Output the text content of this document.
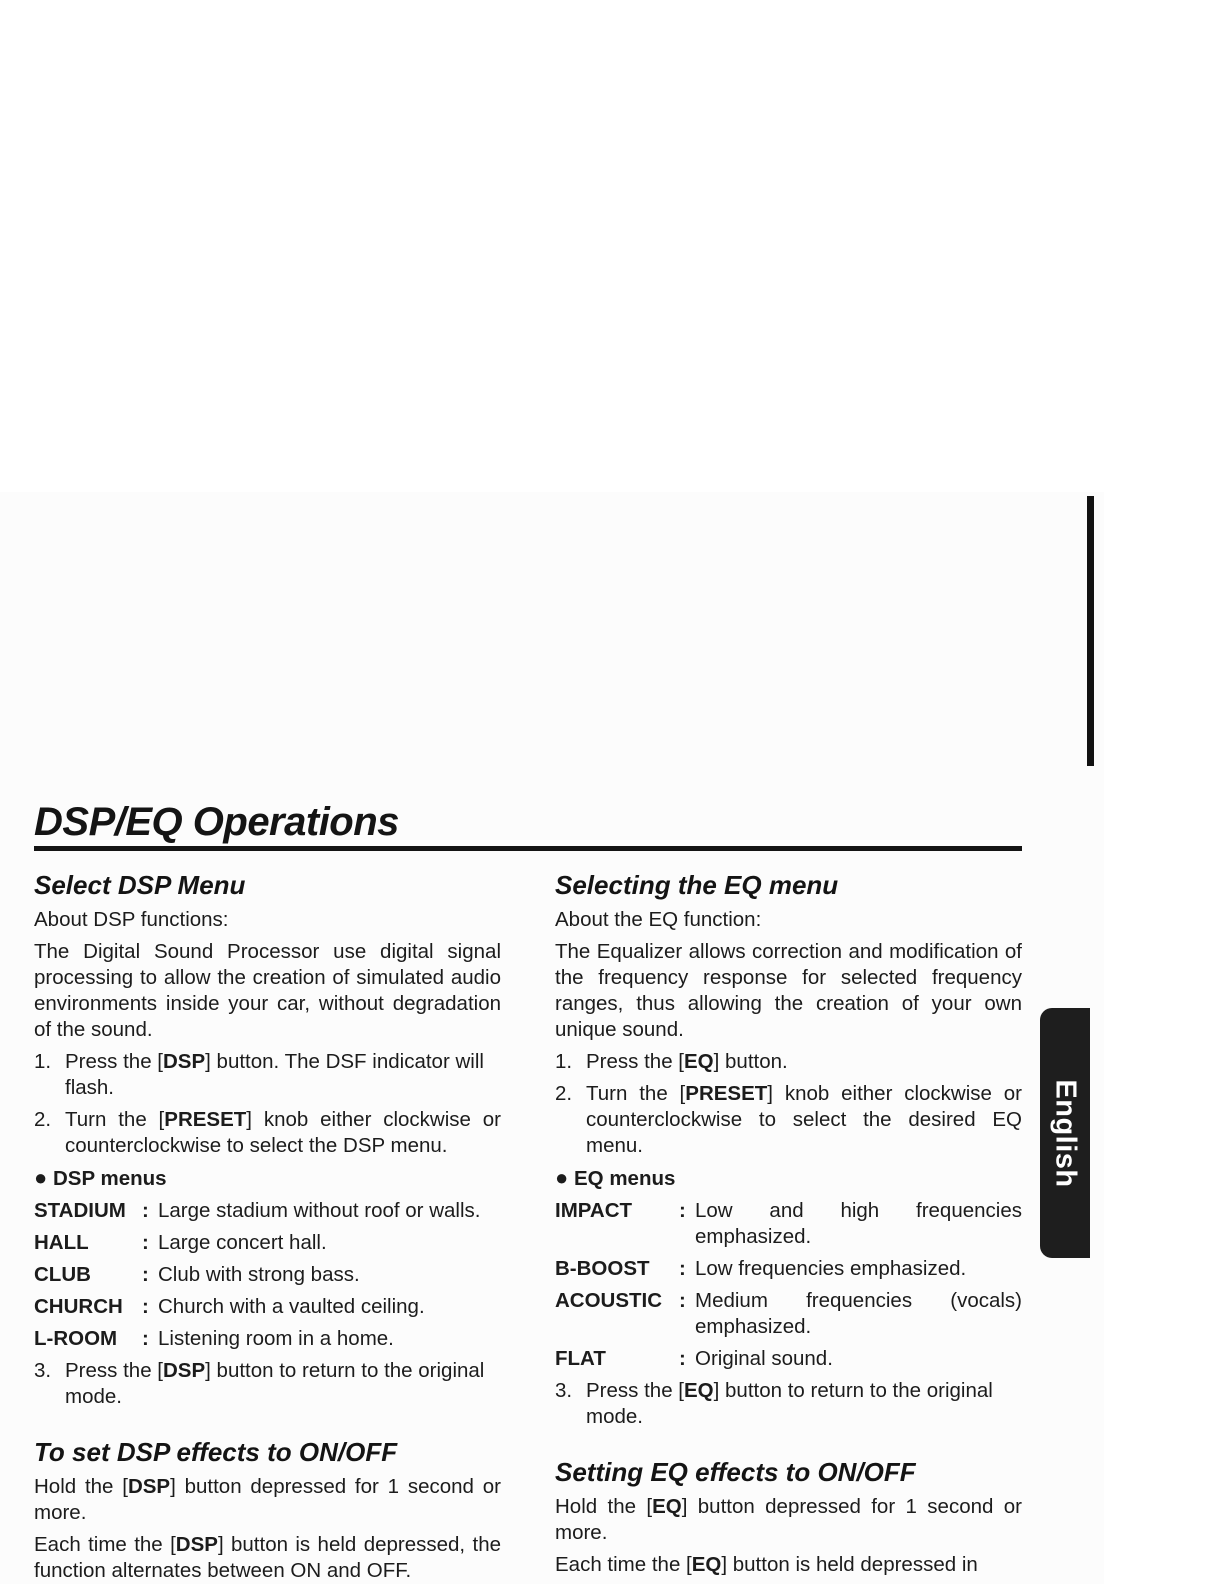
English
DSP/EQ Operations
Select DSP Menu

About DSP functions:

The Digital Sound Processor use digital signal processing to allow the creation of simulated audio environments inside your car, without degradation of the sound.

1. Press the [DSP] button. The DSF indicator will flash.
2. Turn the [PRESET] knob either clockwise or counterclockwise to select the DSP menu.
● DSP menus
STADIUM : Large stadium without roof or walls.
HALL	: Large concert hall.
CLUB	: Club with strong bass.
CHURCH : Church with a vaulted ceiling.
L-ROOM	: Listening room in a home.
3. Press the [DSP] button to return to the original mode.
To set DSP effects to ON/OFF

Hold the [DSP] button depressed for 1 second or more.

Each time the [DSP] button is held depressed, the function alternates between ON and OFF.

Selecting the EQ menu

About the EQ function:

The Equalizer allows correction and modification of the frequency response for selected frequency ranges, thus allowing the creation of your own unique sound.

1. Press the [EQ] button.
2. Turn the [PRESET] knob either clockwise or counterclockwise to select the desired EQ menu.
● EQ menus
IMPACT	: Low and high frequencies emphasized.
B-BOOST	: Low frequencies emphasized.
ACOUSTIC : Medium frequencies (vocals) emphasized.
FLAT	: Original sound.
3. Press the [EQ] button to return to the original mode.
Setting EQ effects to ON/OFF

Hold the [EQ] button depressed for 1 second or more.

Each time the [EQ] button is held depressed in
